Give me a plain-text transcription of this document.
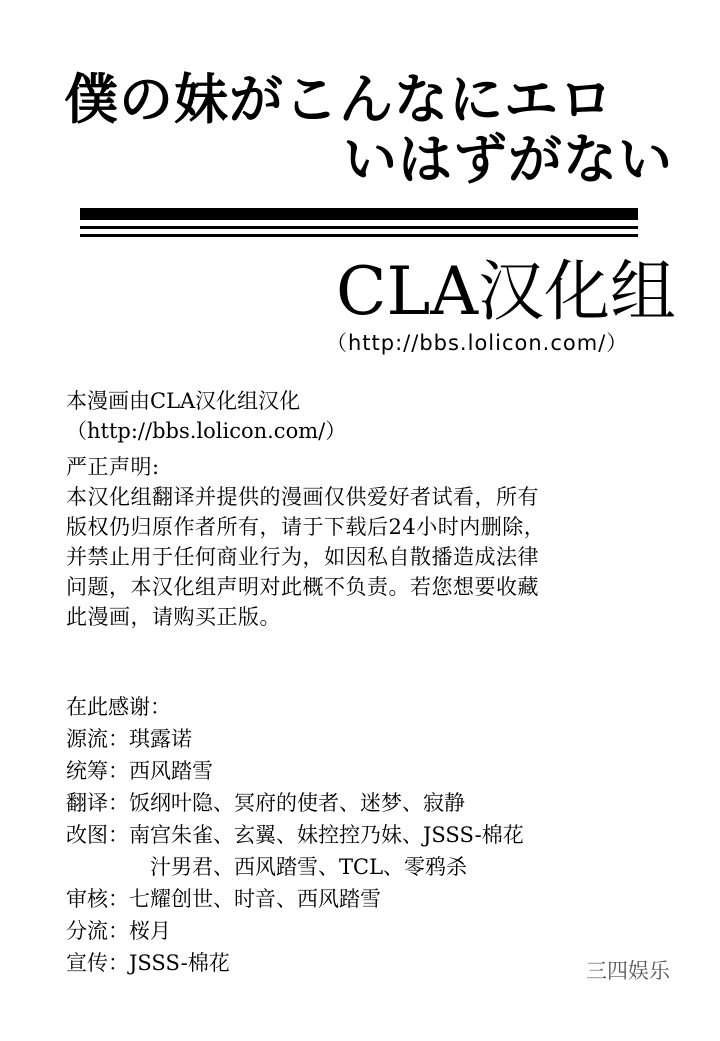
僕の妹がこんなにエロ
いはずがない
CLA汉化组
（http://bbs.lolicon.com/）
本漫画由CLA汉化组汉化
（http://bbs.lolicon.com/）
严正声明:
本汉化组翻译并提供的漫画仅供爱好者试看，所有
版权仍归原作者所有，请于下载后24小时内删除，
并禁止用于任何商业行为，如因私自散播造成法律
问题，本汉化组声明对此概不负责。若您想要收藏
此漫画，请购买正版。
在此感谢：
源流： 琪露诺
统筹： 西风踏雪
翻译： 饭纲叶隐、冥府的使者、迷梦、寂静
改图： 南宫朱雀、玄翼、妹控控乃妹、JSSS-棉花
汁男君、西风踏雪、TCL、零鸦杀
审核： 七耀创世、时音、西风踏雪
分流： 桜月
宣传： JSSS-棉花	三四娱乐
